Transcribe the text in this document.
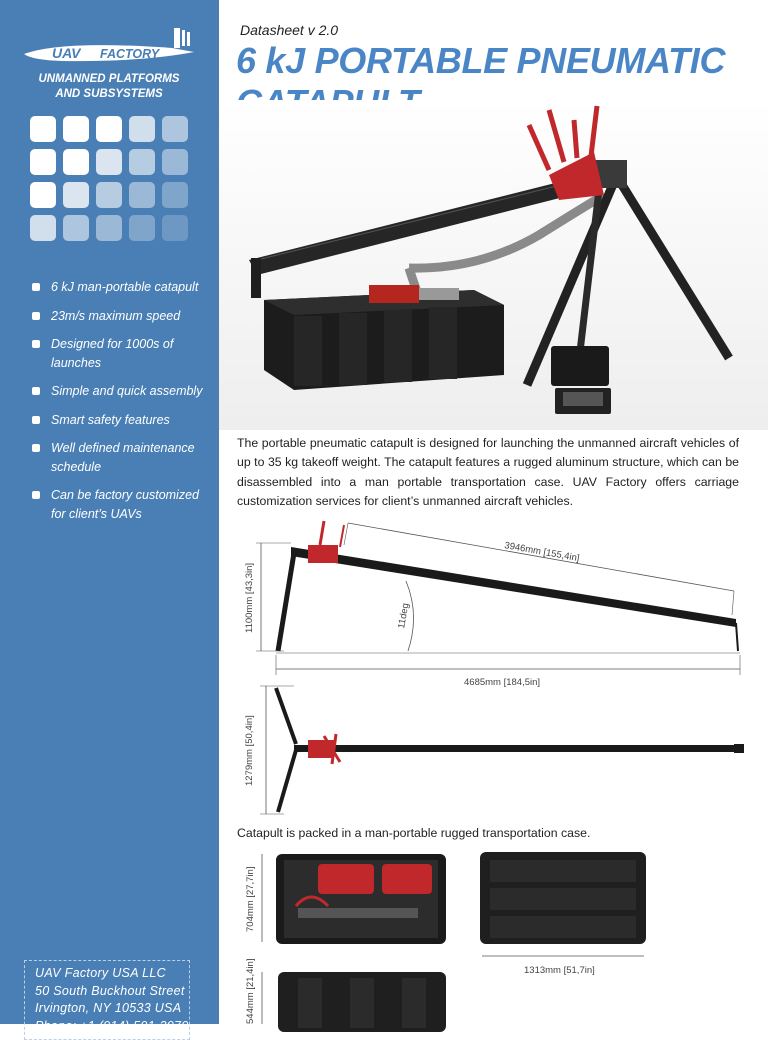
UAV FACTORY
UNMANNED PLATFORMS
AND SUBSYSTEMS
6 kJ man-portable catapult
23m/s maximum speed
Designed for 1000s of launches
Simple and quick assembly
Smart safety features
Well defined maintenance schedule
Can be factory customized for client’s UAVs
UAV Factory USA LLC
50 South Buckhout Street
Irvington, NY 10533 USA
Phone: +1 (914) 591-3070
Datasheet v 2.0
6 kJ PORTABLE PNEUMATIC

The portable pneumatic catapult is designed for launching the unmanned aircraft vehicles of up to 35 kg takeoff weight. The catapult features a rugged aluminum structure, which can be disassembled into a man portable transportation case. UAV Factory offers carriage customization services for client’s unmanned aircraft vehicles.

3946mm [155,4in]
1100mm [43,3in]	11deg
4685mm [184,5in]
1279mm [50,4in]
Catapult is packed in a man-portable rugged transportation case.
704mm [27,7in]
1313mm [51,7in]
544mm [21,4in]
